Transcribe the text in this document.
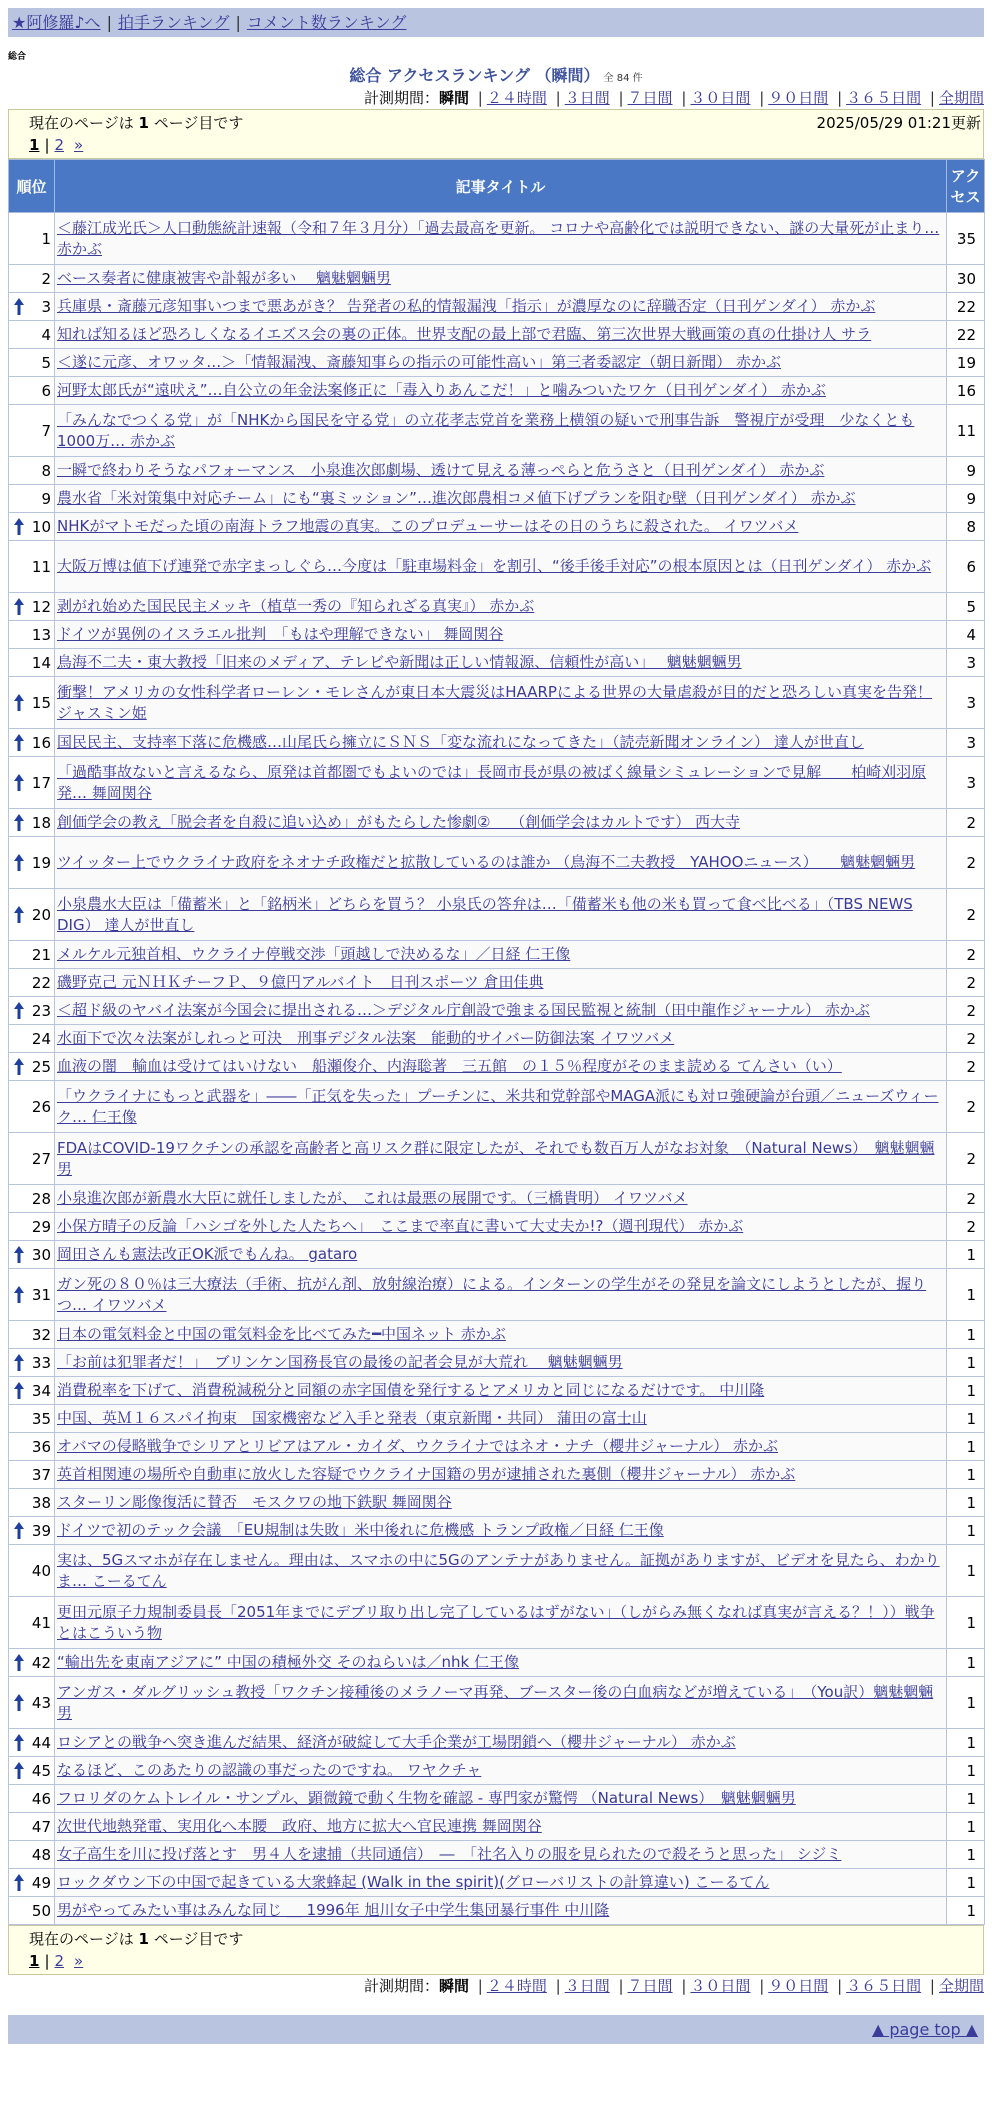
★阿修羅♪へ | 拍手ランキング | コメント数ランキング
総合
総合 アクセスランキング （瞬間） 全 84 件
計測期間：瞬間 | ２４時間 | ３日間 | ７日間 | ３０日間 | ９０日間 | ３６５日間 | 全期間
現在のページは 1 ページ目です	2025/05/29 01:21更新
1 | 2 »
順位	記事タイトル	アクセス
1	＜藤江成光氏＞人口動態統計速報（令和７年３月分）「過去最高を更新。 コロナや高齢化では説明できない、謎の大量死が止まり… 赤かぶ	35
2	ベース奏者に健康被害や訃報が多い　 魑魅魍魎男	30

3	兵庫県・斎藤元彦知事いつまで悪あがき？ 告発者の私的情報漏洩「指示」が濃厚なのに辞職否定（日刊ゲンダイ） 赤かぶ	22
4	知れば知るほど恐ろしくなるイエズス会の裏の正体。世界支配の最上部で君臨、第三次世界大戦画策の真の仕掛け人 サラ	22
5	＜遂に元彦、オワッタ…＞「情報漏洩、斎藤知事らの指示の可能性高い」第三者委認定（朝日新聞） 赤かぶ	19
6	河野太郎氏が“遠吠え”…自公立の年金法案修正に「毒入りあんこだ！」と噛みついたワケ（日刊ゲンダイ） 赤かぶ	16
7	「みんなでつくる党」が「NHKから国民を守る党」の立花孝志党首を業務上横領の疑いで刑事告訴　警視庁が受理　少なくとも1000万… 赤かぶ	11
8	一瞬で終わりそうなパフォーマンス　小泉進次郎劇場、透けて見える薄っぺらと危うさと（日刊ゲンダイ） 赤かぶ	9
9	農水省「米対策集中対応チーム」にも“裏ミッション”…進次郎農相コメ値下げプランを阻む壁（日刊ゲンダイ） 赤かぶ	9

10	NHKがマトモだった頃の南海トラフ地震の真実。このプロデューサーはその日のうちに殺された。 イワツバメ	8
11	大阪万博は値下げ連発で赤字まっしぐら…今度は「駐車場料金」を割引、“後手後手対応”の根本原因とは（日刊ゲンダイ） 赤かぶ	6

12	剥がれ始めた国民民主メッキ（植草一秀の『知られざる真実』） 赤かぶ	5
13	ドイツが異例のイスラエル批判　「もはや理解できない」 舞岡関谷	4
14	鳥海不二夫・東大教授「旧来のメディア、テレビや新聞は正しい情報源、信頼性が高い」　 魑魅魍魎男	3

15	衝撃！アメリカの女性科学者ローレン・モレさんが東日本大震災はHAARPによる世界の大量虐殺が目的だと恐ろしい真実を告発！ ジャスミン姫	3

16	国民民主、支持率下落に危機感…山尾氏ら擁立にＳＮＳ「変な流れになってきた」（読売新聞オンライン） 達人が世直し	3

17	「過酷事故ないと言えるなら、原発は首都圏でもよいのでは」長岡市長が県の被ばく線量シミュレーションで見解　　柏崎刈羽原発… 舞岡関谷	3

18	創価学会の教え「脱会者を自殺に追い込め」がもたらした惨劇②　 （創価学会はカルトです） 西大寺	2

19	ツイッター上でウクライナ政府をネオナチ政権だと拡散しているのは誰か （鳥海不二夫教授　YAHOOニュース）　　魑魅魍魎男	2

20	小泉農水大臣は「備蓄米」と「銘柄米」どちらを買う？ 小泉氏の答弁は…「備蓄米も他の米も買って食べ比べる」（TBS NEWS DIG） 達人が世直し	2
21	メルケル元独首相、ウクライナ停戦交渉「頭越しで決めるな」／日経 仁王像	2
22	磯野克己 元ＮＨＫチーフＰ、９億円アルバイト　日刊スポーツ 倉田佳典	2

23	＜超ド級のヤバイ法案が今国会に提出される…＞デジタル庁創設で強まる国民監視と統制（田中龍作ジャーナル） 赤かぶ	2
24	水面下で次々法案がしれっと可決　刑事デジタル法案　能動的サイバー防御法案 イワツバメ	2

25	血液の闇　輸血は受けてはいけない　船瀬俊介、内海聡著　三五館　の１５％程度がそのまま読める てんさい（い）	2
26	「ウクライナにもっと武器を」――「正気を失った」プーチンに、米共和党幹部やMAGA派にも対ロ強硬論が台頭／ニューズウィーク… 仁王像	2
27	FDAはCOVID-19ワクチンの承認を高齢者と高リスク群に限定したが、それでも数百万人がなお対象　（Natural News）　魑魅魍魎男	2
28	小泉進次郎が新農水大臣に就任しましたが、 これは最悪の展開です。（三橋貴明） イワツバメ	2
29	小保方晴子の反論「ハシゴを外した人たちへ」　ここまで率直に書いて大丈夫か!?（週刊現代） 赤かぶ	2

30	岡田さんも憲法改正OK派でもんね。 gataro	1

31	ガン死の８０％は三大療法（手術、抗がん剤、放射線治療）による。インターンの学生がその発見を論文にしようとしたが、握りつ… イワツバメ	1
32	日本の電気料金と中国の電気料金を比べてみた━中国ネット 赤かぶ	1

33	「お前は犯罪者だ！」　ブリンケン国務長官の最後の記者会見が大荒れ　 魑魅魍魎男	1

34	消費税率を下げて、消費税減税分と同額の赤字国債を発行するとアメリカと同じになるだけです。 中川隆	1
35	中国、英Ｍ１６スパイ拘束　国家機密など入手と発表（東京新聞・共同） 蒲田の富士山	1
36	オバマの侵略戦争でシリアとリビアはアル・カイダ、ウクライナではネオ・ナチ（櫻井ジャーナル） 赤かぶ	1
37	英首相関連の場所や自動車に放火した容疑でウクライナ国籍の男が逮捕された裏側（櫻井ジャーナル） 赤かぶ	1
38	スターリン彫像復活に賛否　モスクワの地下鉄駅 舞岡関谷	1

39	ドイツで初のテック会議　「EU規制は失敗」米中後れに危機感 トランプ政権／日経 仁王像	1
40	実は、5Gスマホが存在しません。理由は、スマホの中に5Gのアンテナがありません。証拠がありますが、ビデオを見たら、わかりま… こーるてん	1
41	更田元原子力規制委員長「2051年までにデブリ取り出し完了しているはずがない」（しがらみ無くなれば真実が言える？！））戦争とはこういう物	1

42	“輸出先を東南アジアに” 中国の積極外交 そのねらいは／nhk 仁王像	1

43	アンガス・ダルグリッシュ教授「ワクチン接種後のメラノーマ再発、ブースター後の白血病などが増えている」　（You訳）魑魅魍魎男	1

44	ロシアとの戦争へ突き進んだ結果、経済が破綻して大手企業が工場閉鎖へ（櫻井ジャーナル） 赤かぶ	1

45	なるほど、このあたりの認識の事だったのですね。 ワヤクチャ	1
46	フロリダのケムトレイル・サンプル、顕微鏡で動く生物を確認 - 専門家が驚愕 （Natural News）　魑魅魍魎男	1
47	次世代地熱発電、実用化へ本腰　政府、地方に拡大へ官民連携 舞岡関谷	1
48	女子高生を川に投げ落とす　男４人を逮捕（共同通信）　―　「社名入りの服を見られたので殺そうと思った」 シジミ	1

49	ロックダウン下の中国で起きている大衆蜂起 (Walk in the spirit)(グローバリストの計算違い) こーるてん	1
50	男がやってみたい事はみんな同じ ＿ 1996年 旭川女子中学生集団暴行事件 中川隆	1
現在のページは 1 ページ目です
1 | 2 »
計測期間：瞬間 | ２４時間 | ３日間 | ７日間 | ３０日間 | ９０日間 | ３６５日間 | 全期間
▲ page top ▲
